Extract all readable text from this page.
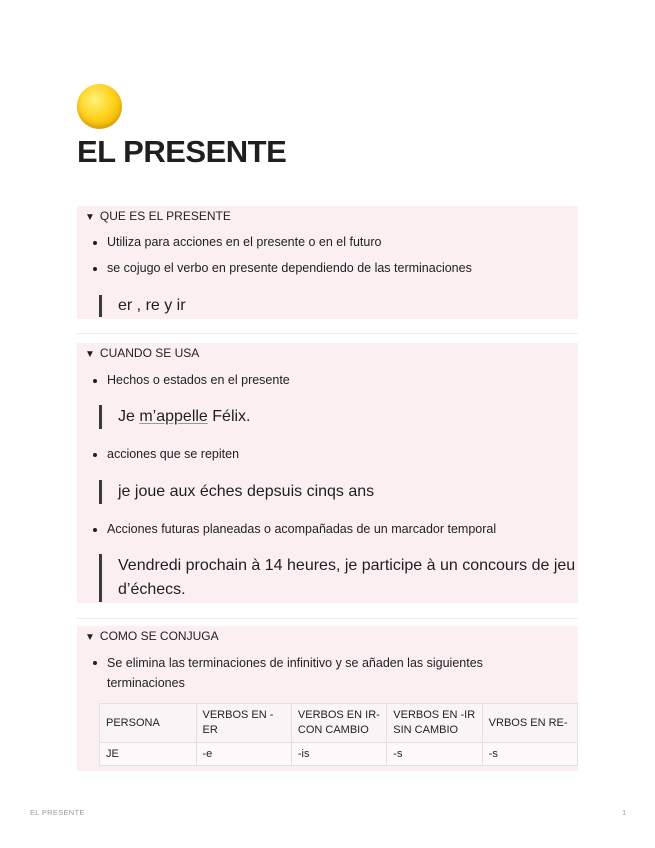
EL PRESENTE
▼ QUE ES EL PRESENTE
Utiliza para acciones en el presente o en el futuro
se cojugo el verbo en presente dependiendo de las terminaciones
er , re y ir
▼ CUANDO SE USA
Hechos o estados en el presente
Je m’appelle Félix.
acciones que se repiten
je joue aux éches depsuis cinqs ans
Acciones futuras planeadas o acompañadas de un marcador temporal
Vendredi prochain à 14 heures, je participe à un concours de jeu d’échecs.
▼ COMO SE CONJUGA
Se elimina las terminaciones de infinitivo y se añaden las siguientes terminaciones
PERSONA	VERBOS EN -ER	VERBOS EN IR-CON CAMBIO	VERBOS EN -IR SIN CAMBIO	VRBOS EN RE-
JE	-e	-is	-s	-s
EL PRESENTE	1
